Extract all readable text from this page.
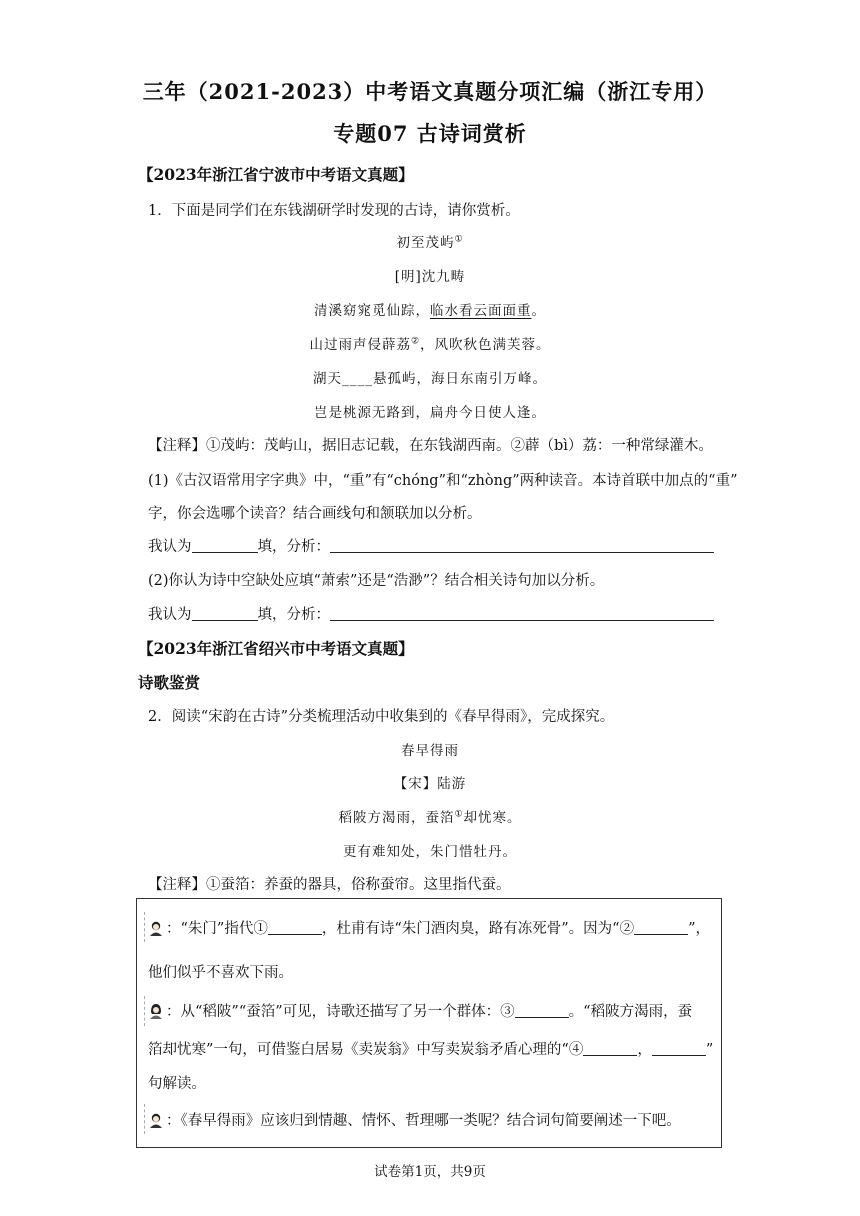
三年（2021-2023）中考语文真题分项汇编（浙江专用）
专题07 古诗词赏析
【2023年浙江省宁波市中考语文真题】
1．下面是同学们在东钱湖研学时发现的古诗，请你赏析。
初至茂屿①
[明]沈九畴
清溪窈窕觅仙踪，临水看云面面重。
山过雨声侵薜荔②，风吹秋色满芙蓉。
湖天____悬孤屿，海日东南引万峰。
岂是桃源无路到，扁舟今日使人逢。
【注释】①茂屿：茂屿山，据旧志记载，在东钱湖西南。②薜（bì）荔：一种常绿灌木。
(1)《古汉语常用字字典》中，“重”有“chóng”和“zhòng”两种读音。本诗首联中加点的“重”
字，你会选哪个读音？结合画线句和颔联加以分析。
我认为	填，分析：
(2)你认为诗中空缺处应填“萧索”还是“浩渺”？结合相关诗句加以分析。
我认为	填，分析：
【2023年浙江省绍兴市中考语文真题】
诗歌鉴赏
2．阅读“宋韵在古诗”分类梳理活动中收集到的《春早得雨》，完成探究。
春早得雨
【宋】陆游
稻陂方渴雨，蚕箔①却忧寒。
更有难知处，朱门惜牡丹。
【注释】①蚕箔：养蚕的器具，俗称蚕帘。这里指代蚕。
：“朱门”指代①	，杜甫有诗“朱门酒肉臭，路有冻死骨”。因为“②	”，
他们似乎不喜欢下雨。
：从“稻陂”“蚕箔”可见，诗歌还描写了另一个群体：③	。“稻陂方渴雨，蚕
箔却忧寒”一句，可借鉴白居易《卖炭翁》中写卖炭翁矛盾心理的“④	，	”
句解读。
：《春早得雨》应该归到情趣、情怀、哲理哪一类呢？结合词句简要阐述一下吧。
试卷第1页，共9页
